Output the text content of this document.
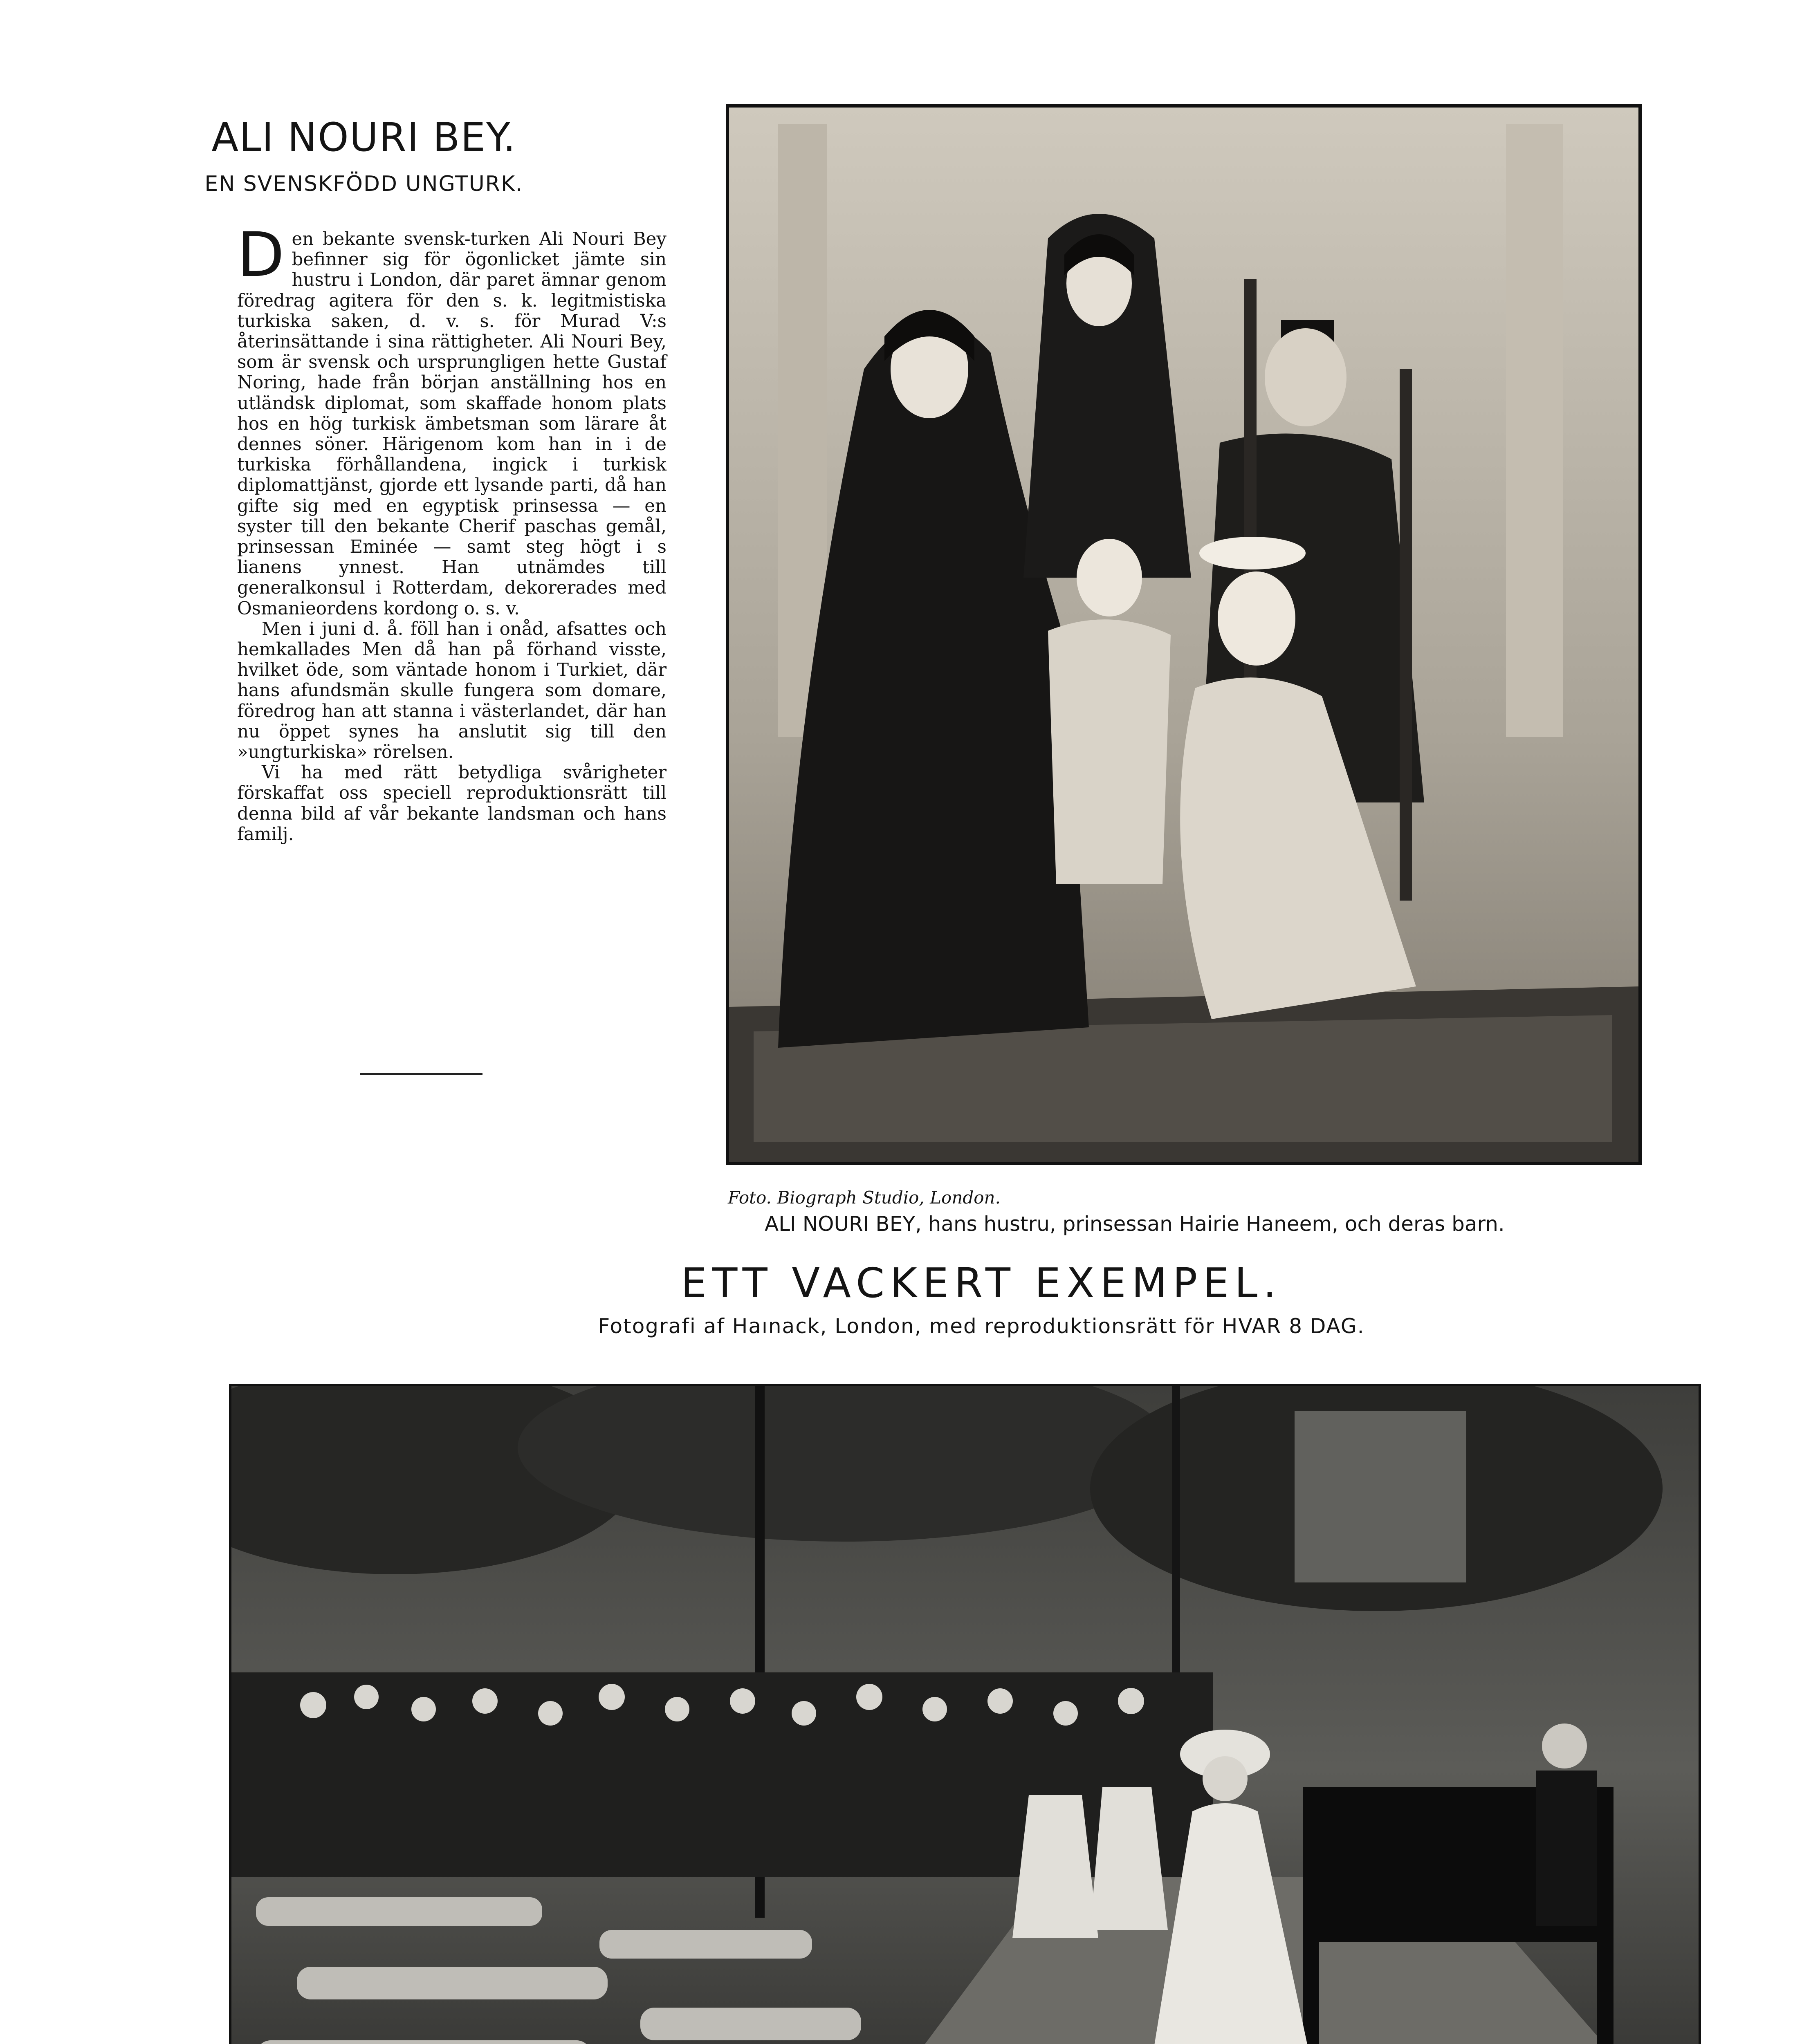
ALI NOURI BEY.
EN SVENSKFÖDD UNGTURK.

Den bekante svensk-turken Ali Nouri Bey befinner sig för ögonlicket jämte sin hustru i London, där paret ämnar genom föredrag agitera för den s. k. legitmistiska turkiska saken, d. v. s. för Murad V:s återinsättande i sina rättigheter. Ali Nouri Bey, som är svensk och ursprungligen hette Gustaf Noring, hade från början anställning hos en utländsk diplomat, som skaffade honom plats hos en hög turkisk ämbetsman som lärare åt dennes söner. Härigenom kom han in i de turkiska förhållandena, ingick i turkisk diplomattjänst, gjorde ett lysande parti, då han gifte sig med en egyptisk prinsessa — en syster till den bekante Cherif paschas gemål, prinsessan Eminée — samt steg högt i s lianens ynnest. Han utnämdes till generalkonsul i Rotterdam, dekorerades med Osmanieordens kordong o. s. v.

Men i juni d. å. föll han i onåd, afsattes och hemkallades Men då han på förhand visste, hvilket öde, som väntade honom i Turkiet, där hans afundsmän skulle fungera som domare, föredrog han att stanna i västerlandet, där han nu öppet synes ha anslutit sig till den »ungturkiska» rörelsen.

Vi ha med rätt betydliga svårigheter förskaffat oss speciell reproduktionsrätt till denna bild af vår bekante landsman och hans familj.

Foto. Biograph Studio, London.
ALI NOURI BEY, hans hustru, prinsessan Hairie Haneem, och deras barn.
ETT VACKERT EXEMPEL.
Fotografi af Haınack, London, med reproduktionsrätt för HVAR 8 DAG.
